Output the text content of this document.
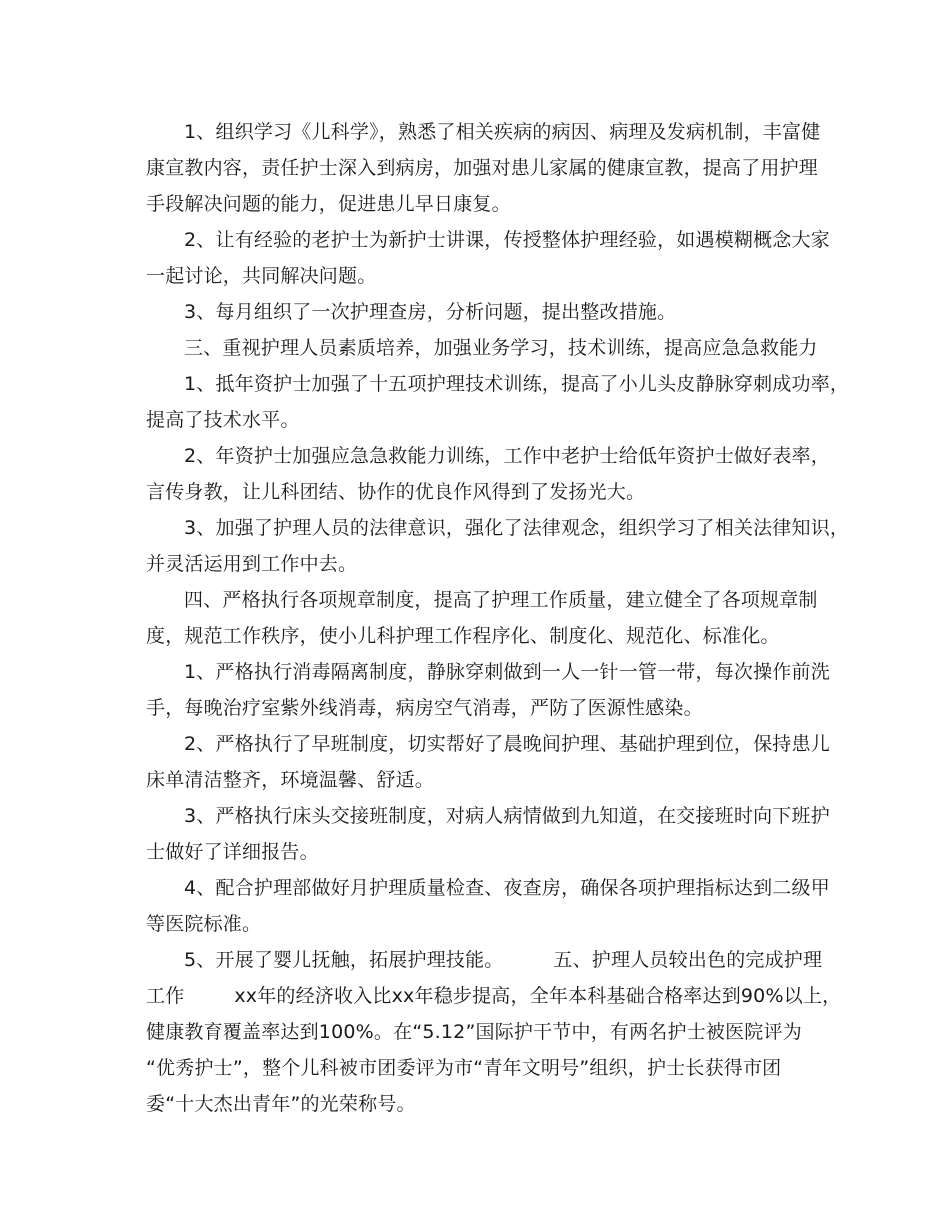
1、组织学习《儿科学》，熟悉了相关疾病的病因、病理及发病机制，丰富健
康宣教内容，责任护士深入到病房，加强对患儿家属的健康宣教，提高了用护理
手段解决问题的能力，促进患儿早日康复。
2、让有经验的老护士为新护士讲课，传授整体护理经验，如遇模糊概念大家
一起讨论，共同解决问题。
3、每月组织了一次护理查房，分析问题，提出整改措施。
三、重视护理人员素质培养，加强业务学习，技术训练，提高应急急救能力
1、抵年资护士加强了十五项护理技术训练，提高了小儿头皮静脉穿刺成功率，
提高了技术水平。
2、年资护士加强应急急救能力训练，工作中老护士给低年资护士做好表率，
言传身教，让儿科团结、协作的优良作风得到了发扬光大。
3、加强了护理人员的法律意识，强化了法律观念，组织学习了相关法律知识，
并灵活运用到工作中去。
四、严格执行各项规章制度，提高了护理工作质量，建立健全了各项规章制
度，规范工作秩序，使小儿科护理工作程序化、制度化、规范化、标准化。
1、严格执行消毒隔离制度，静脉穿刺做到一人一针一管一带，每次操作前洗
手，每晚治疗室紫外线消毒，病房空气消毒，严防了医源性感染。
2、严格执行了早班制度，切实帮好了晨晚间护理、基础护理到位，保持患儿
床单清洁整齐，环境温馨、舒适。
3、严格执行床头交接班制度，对病人病情做到九知道，在交接班时向下班护
士做好了详细报告。
4、配合护理部做好月护理质量检查、夜查房，确保各项护理指标达到二级甲
等医院标准。
5、开展了婴儿抚触，拓展护理技能。        五、护理人员较出色的完成护理
工作        xx年的经济收入比xx年稳步提高，全年本科基础合格率达到90%以上，
健康教育覆盖率达到100%。在“5.12”国际护干节中，有两名护士被医院评为
“优秀护士”，整个儿科被市团委评为市“青年文明号”组织，护士长获得市团
委“十大杰出青年”的光荣称号。
